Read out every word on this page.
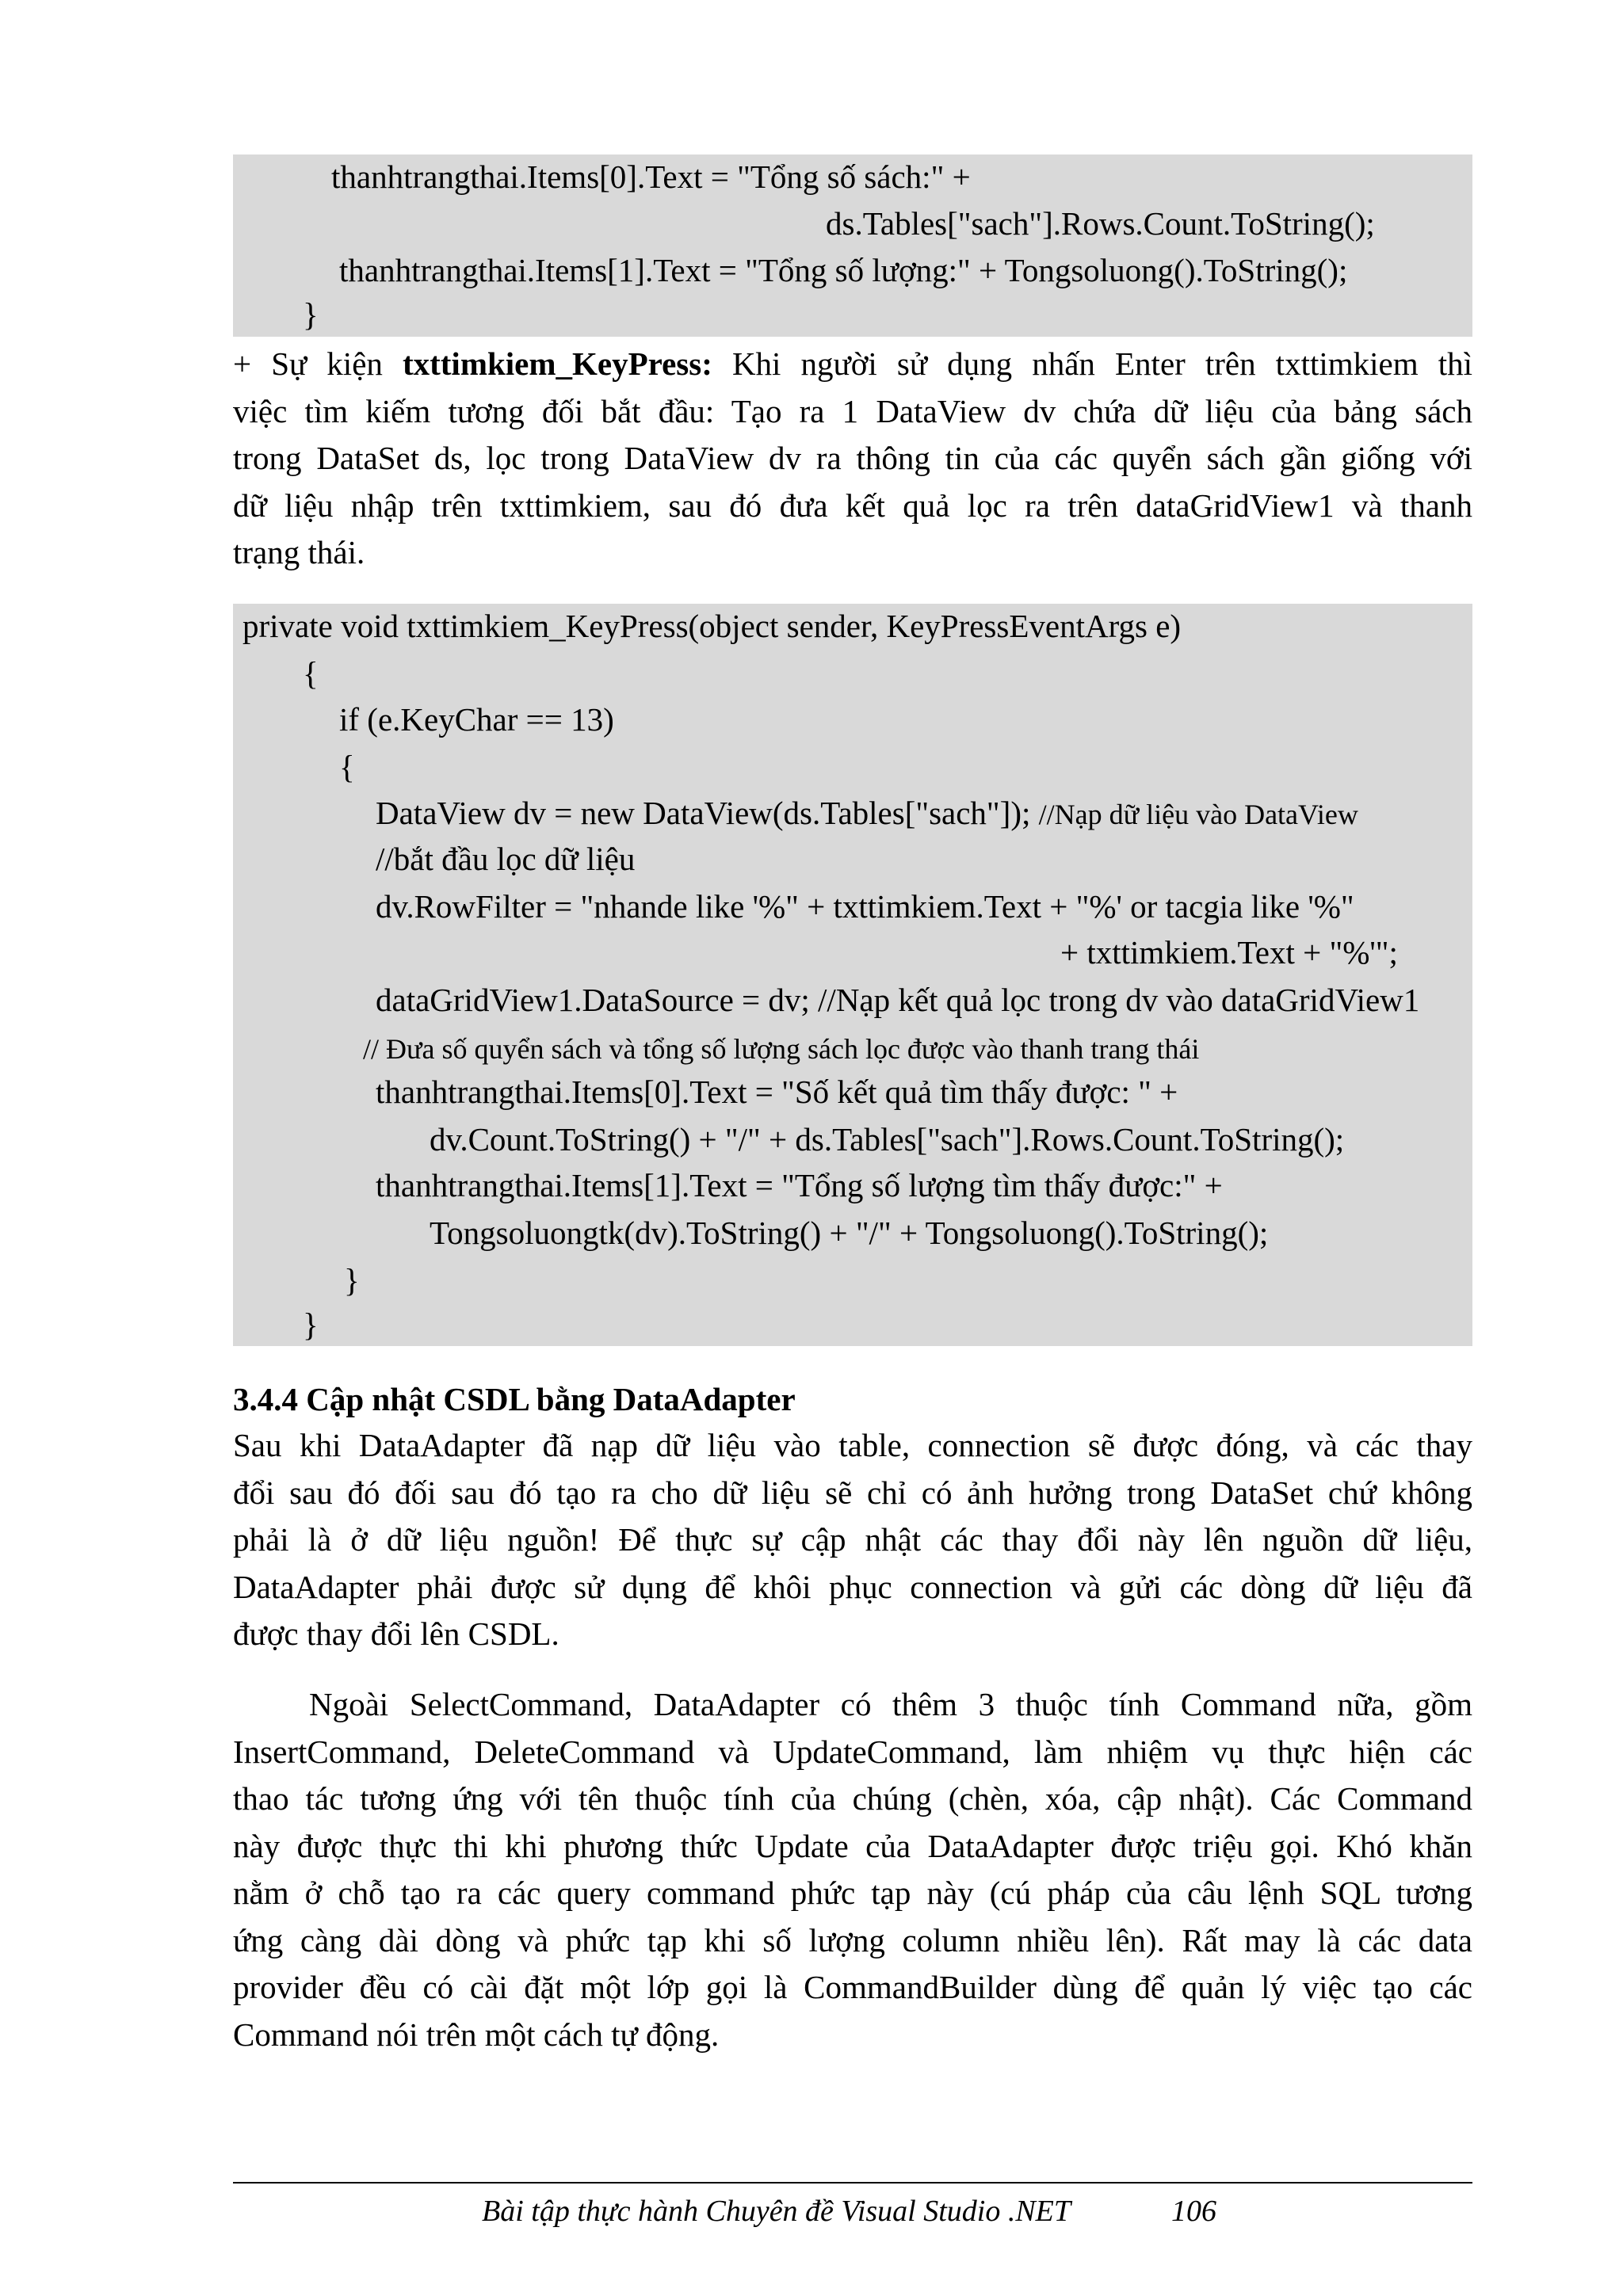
thanhtrangthai.Items[0].Text = "Tổng số sách:" +
ds.Tables["sach"].Rows.Count.ToString();
thanhtrangthai.Items[1].Text = "Tổng số lượng:" + Tongsoluong().ToString();
}
+ Sự kiện txttimkiem_KeyPress: Khi người sử dụng nhấn Enter trên txttimkiem thì
việc tìm kiếm tương đối bắt đầu: Tạo ra 1 DataView dv chứa dữ liệu của bảng sách
trong DataSet ds, lọc trong DataView dv ra thông tin của các quyển sách gần giống với
dữ liệu nhập trên txttimkiem, sau đó đưa kết quả lọc ra trên dataGridView1 và thanh
trạng thái.
private void txttimkiem_KeyPress(object sender, KeyPressEventArgs e)
{
if (e.KeyChar == 13)
{
DataView dv = new DataView(ds.Tables["sach"]); //Nạp dữ liệu vào DataView
//bắt đầu lọc dữ liệu
dv.RowFilter = "nhande like '%" + txttimkiem.Text + "%' or tacgia like '%"
+ txttimkiem.Text + "%'";
dataGridView1.DataSource = dv; //Nạp kết quả lọc trong dv vào dataGridView1
// Đưa số quyển sách và tổng số lượng sách lọc được vào thanh trang thái
thanhtrangthai.Items[0].Text = "Số kết quả tìm thấy được: " +
dv.Count.ToString() + "/" + ds.Tables["sach"].Rows.Count.ToString();
thanhtrangthai.Items[1].Text = "Tổng số lượng tìm thấy được:" +
Tongsoluongtk(dv).ToString() + "/" + Tongsoluong().ToString();
}
}
3.4.4 Cập nhật CSDL bằng DataAdapter
Sau khi DataAdapter đã nạp dữ liệu vào table, connection sẽ được đóng, và các thay
đổi sau đó đối sau đó tạo ra cho dữ liệu sẽ chỉ có ảnh hưởng trong DataSet chứ không
phải là ở dữ liệu nguồn! Để thực sự cập nhật các thay đổi này lên nguồn dữ liệu,
DataAdapter phải được sử dụng để khôi phục connection và gửi các dòng dữ liệu đã
được thay đổi lên CSDL.
Ngoài SelectCommand, DataAdapter có thêm 3 thuộc tính Command nữa, gồm
InsertCommand, DeleteCommand và UpdateCommand, làm nhiệm vụ thực hiện các
thao tác tương ứng với tên thuộc tính của chúng (chèn, xóa, cập nhật). Các Command
này được thực thi khi phương thức Update của DataAdapter được triệu gọi. Khó khăn
nằm ở chỗ tạo ra các query command phức tạp này (cú pháp của câu lệnh SQL tương
ứng càng dài dòng và phức tạp khi số lượng column nhiều lên). Rất may là các data
provider đều có cài đặt một lớp gọi là CommandBuilder dùng để quản lý việc tạo các
Command nói trên một cách tự động.
Bài tập thực hành Chuyên đề Visual Studio .NET	106
